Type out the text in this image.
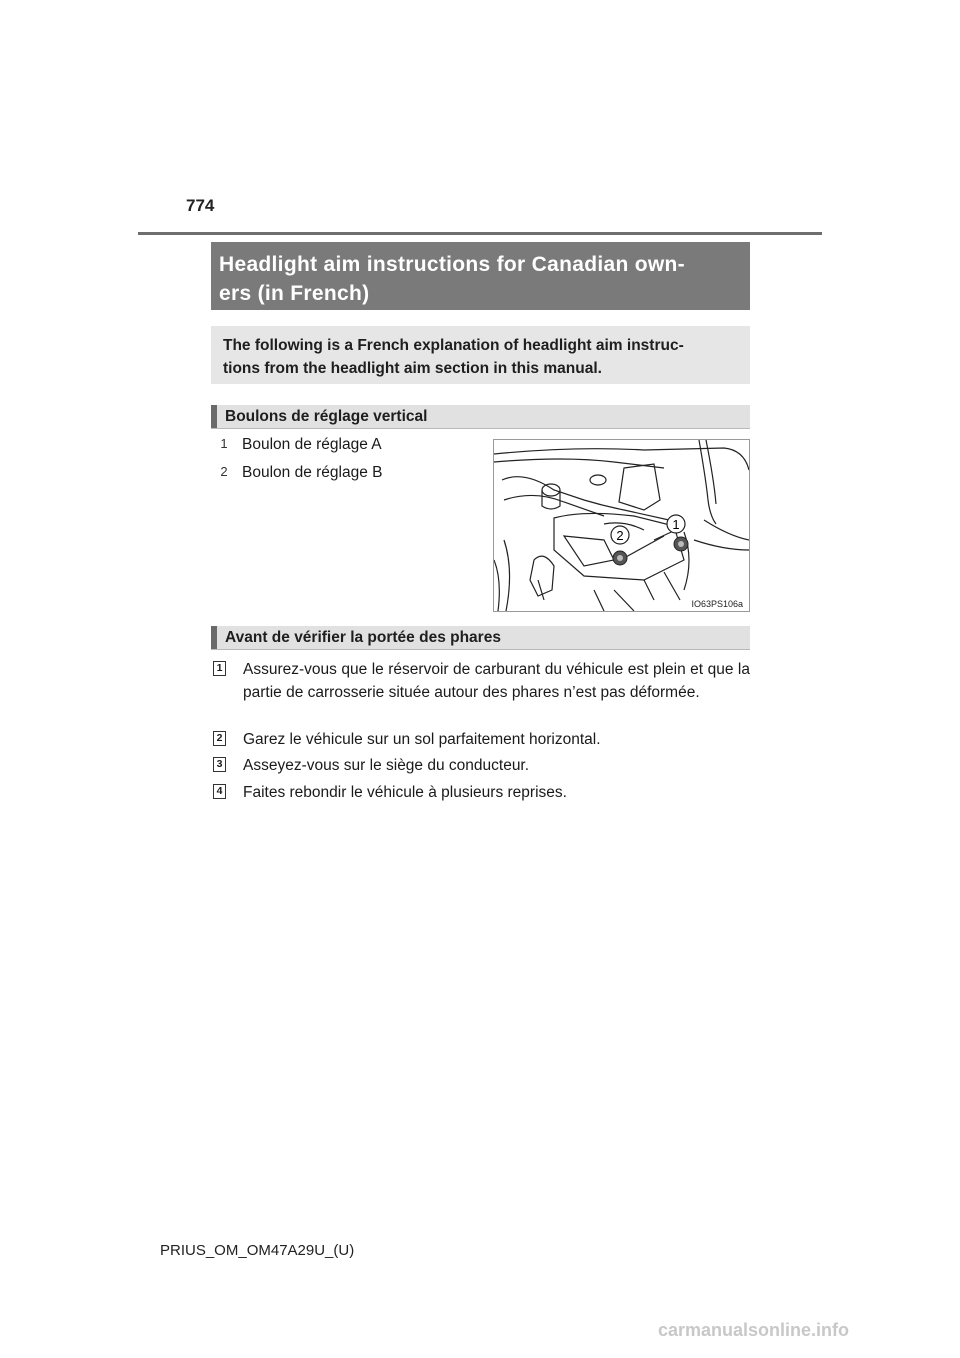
774
Headlight aim instructions for Canadian own-
ers (in French)

The following is a French explanation of headlight aim instruc-
tions from the headlight aim section in this manual.

Boulons de réglage vertical
1 Boulon de réglage A
2 Boulon de réglage B
2
1
IO63PS106a
Avant de vérifier la portée des phares
1 Assurez-vous que le réservoir de carburant du véhicule est plein et que la partie de carrosserie située autour des phares n’est pas déformée.
2 Garez le véhicule sur un sol parfaitement horizontal.
3 Asseyez-vous sur le siège du conducteur.
4 Faites rebondir le véhicule à plusieurs reprises.
PRIUS_OM_OM47A29U_(U)
carmanualsonline.info
